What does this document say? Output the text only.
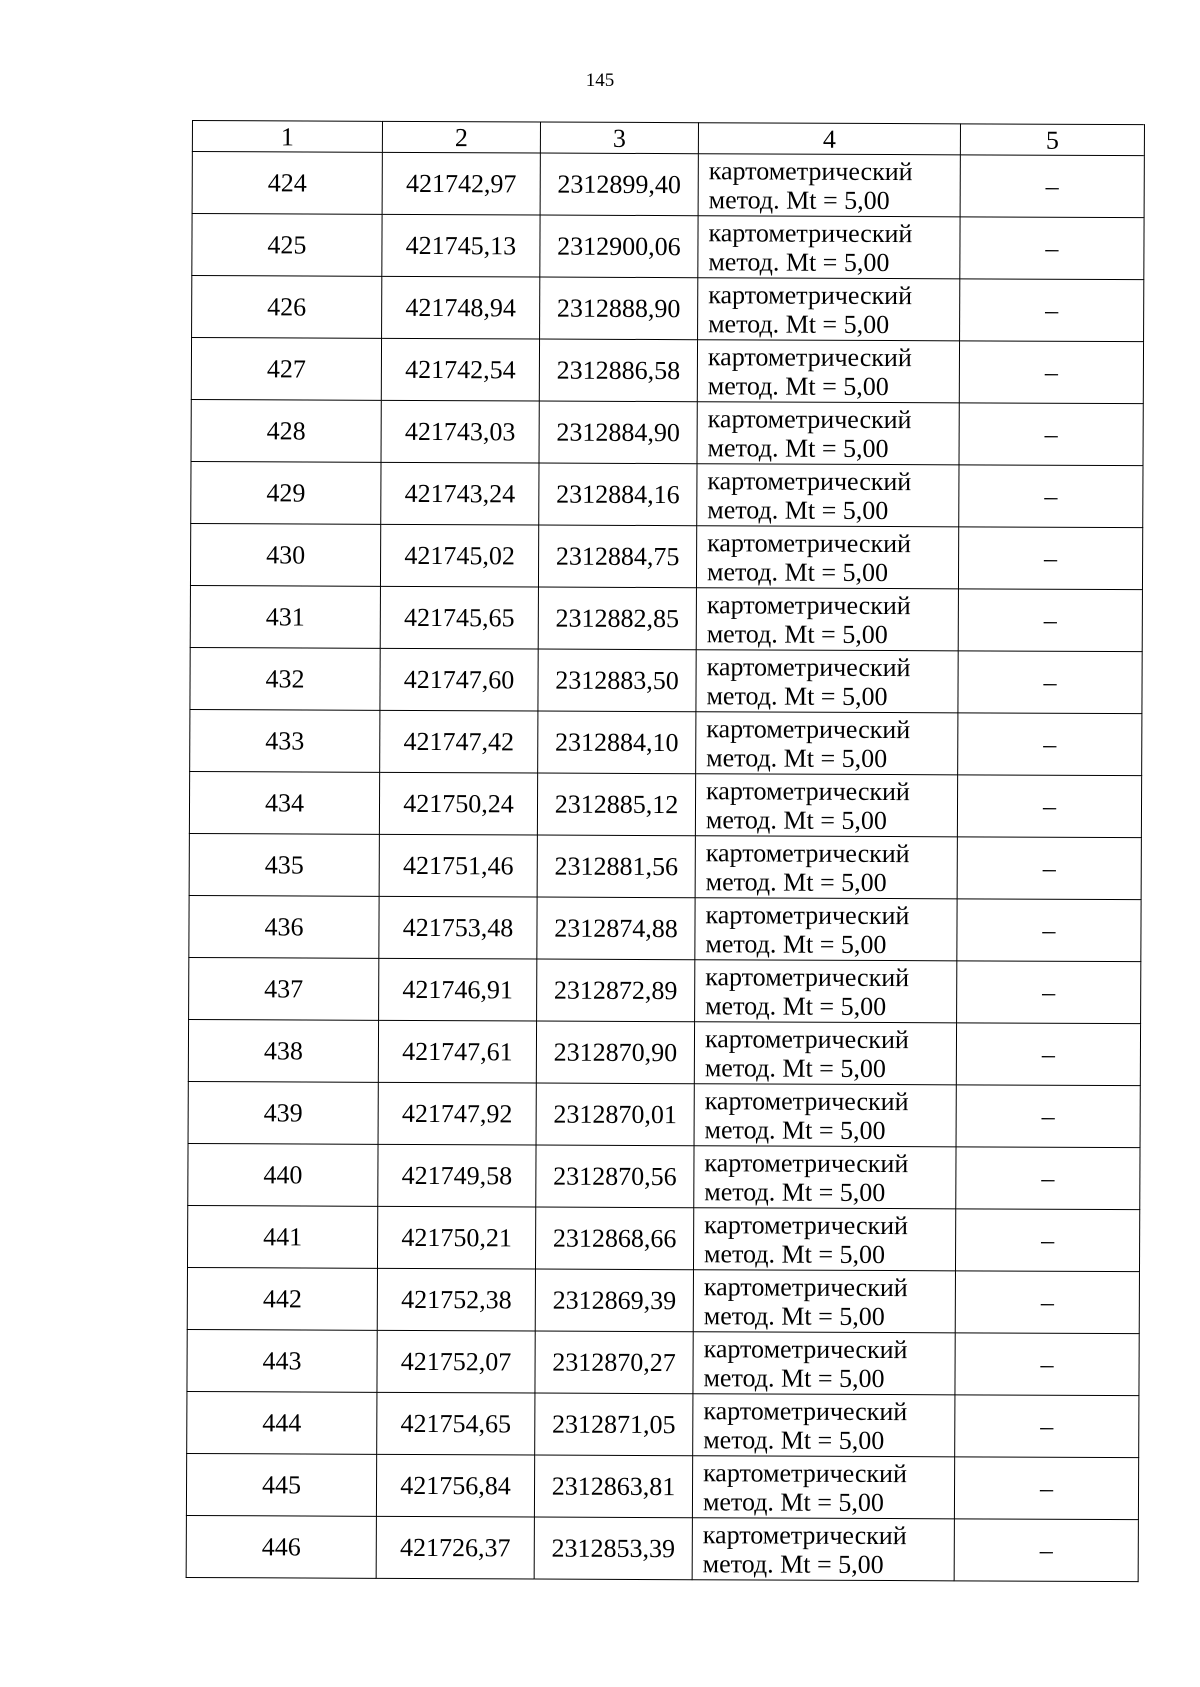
145
1	2	3	4	5
424	421742,97	2312899,40	картометрический
метод. Mt = 5,00	–
425	421745,13	2312900,06	картометрический
метод. Mt = 5,00	–
426	421748,94	2312888,90	картометрический
метод. Mt = 5,00	–
427	421742,54	2312886,58	картометрический
метод. Mt = 5,00	–
428	421743,03	2312884,90	картометрический
метод. Mt = 5,00	–
429	421743,24	2312884,16	картометрический
метод. Mt = 5,00	–
430	421745,02	2312884,75	картометрический
метод. Mt = 5,00	–
431	421745,65	2312882,85	картометрический
метод. Mt = 5,00	–
432	421747,60	2312883,50	картометрический
метод. Mt = 5,00	–
433	421747,42	2312884,10	картометрический
метод. Mt = 5,00	–
434	421750,24	2312885,12	картометрический
метод. Mt = 5,00	–
435	421751,46	2312881,56	картометрический
метод. Mt = 5,00	–
436	421753,48	2312874,88	картометрический
метод. Mt = 5,00	–
437	421746,91	2312872,89	картометрический
метод. Mt = 5,00	–
438	421747,61	2312870,90	картометрический
метод. Mt = 5,00	–
439	421747,92	2312870,01	картометрический
метод. Mt = 5,00	–
440	421749,58	2312870,56	картометрический
метод. Mt = 5,00	–
441	421750,21	2312868,66	картометрический
метод. Mt = 5,00	–
442	421752,38	2312869,39	картометрический
метод. Mt = 5,00	–
443	421752,07	2312870,27	картометрический
метод. Mt = 5,00	–
444	421754,65	2312871,05	картометрический
метод. Mt = 5,00	–
445	421756,84	2312863,81	картометрический
метод. Mt = 5,00	–
446	421726,37	2312853,39	картометрический
метод. Mt = 5,00	–
